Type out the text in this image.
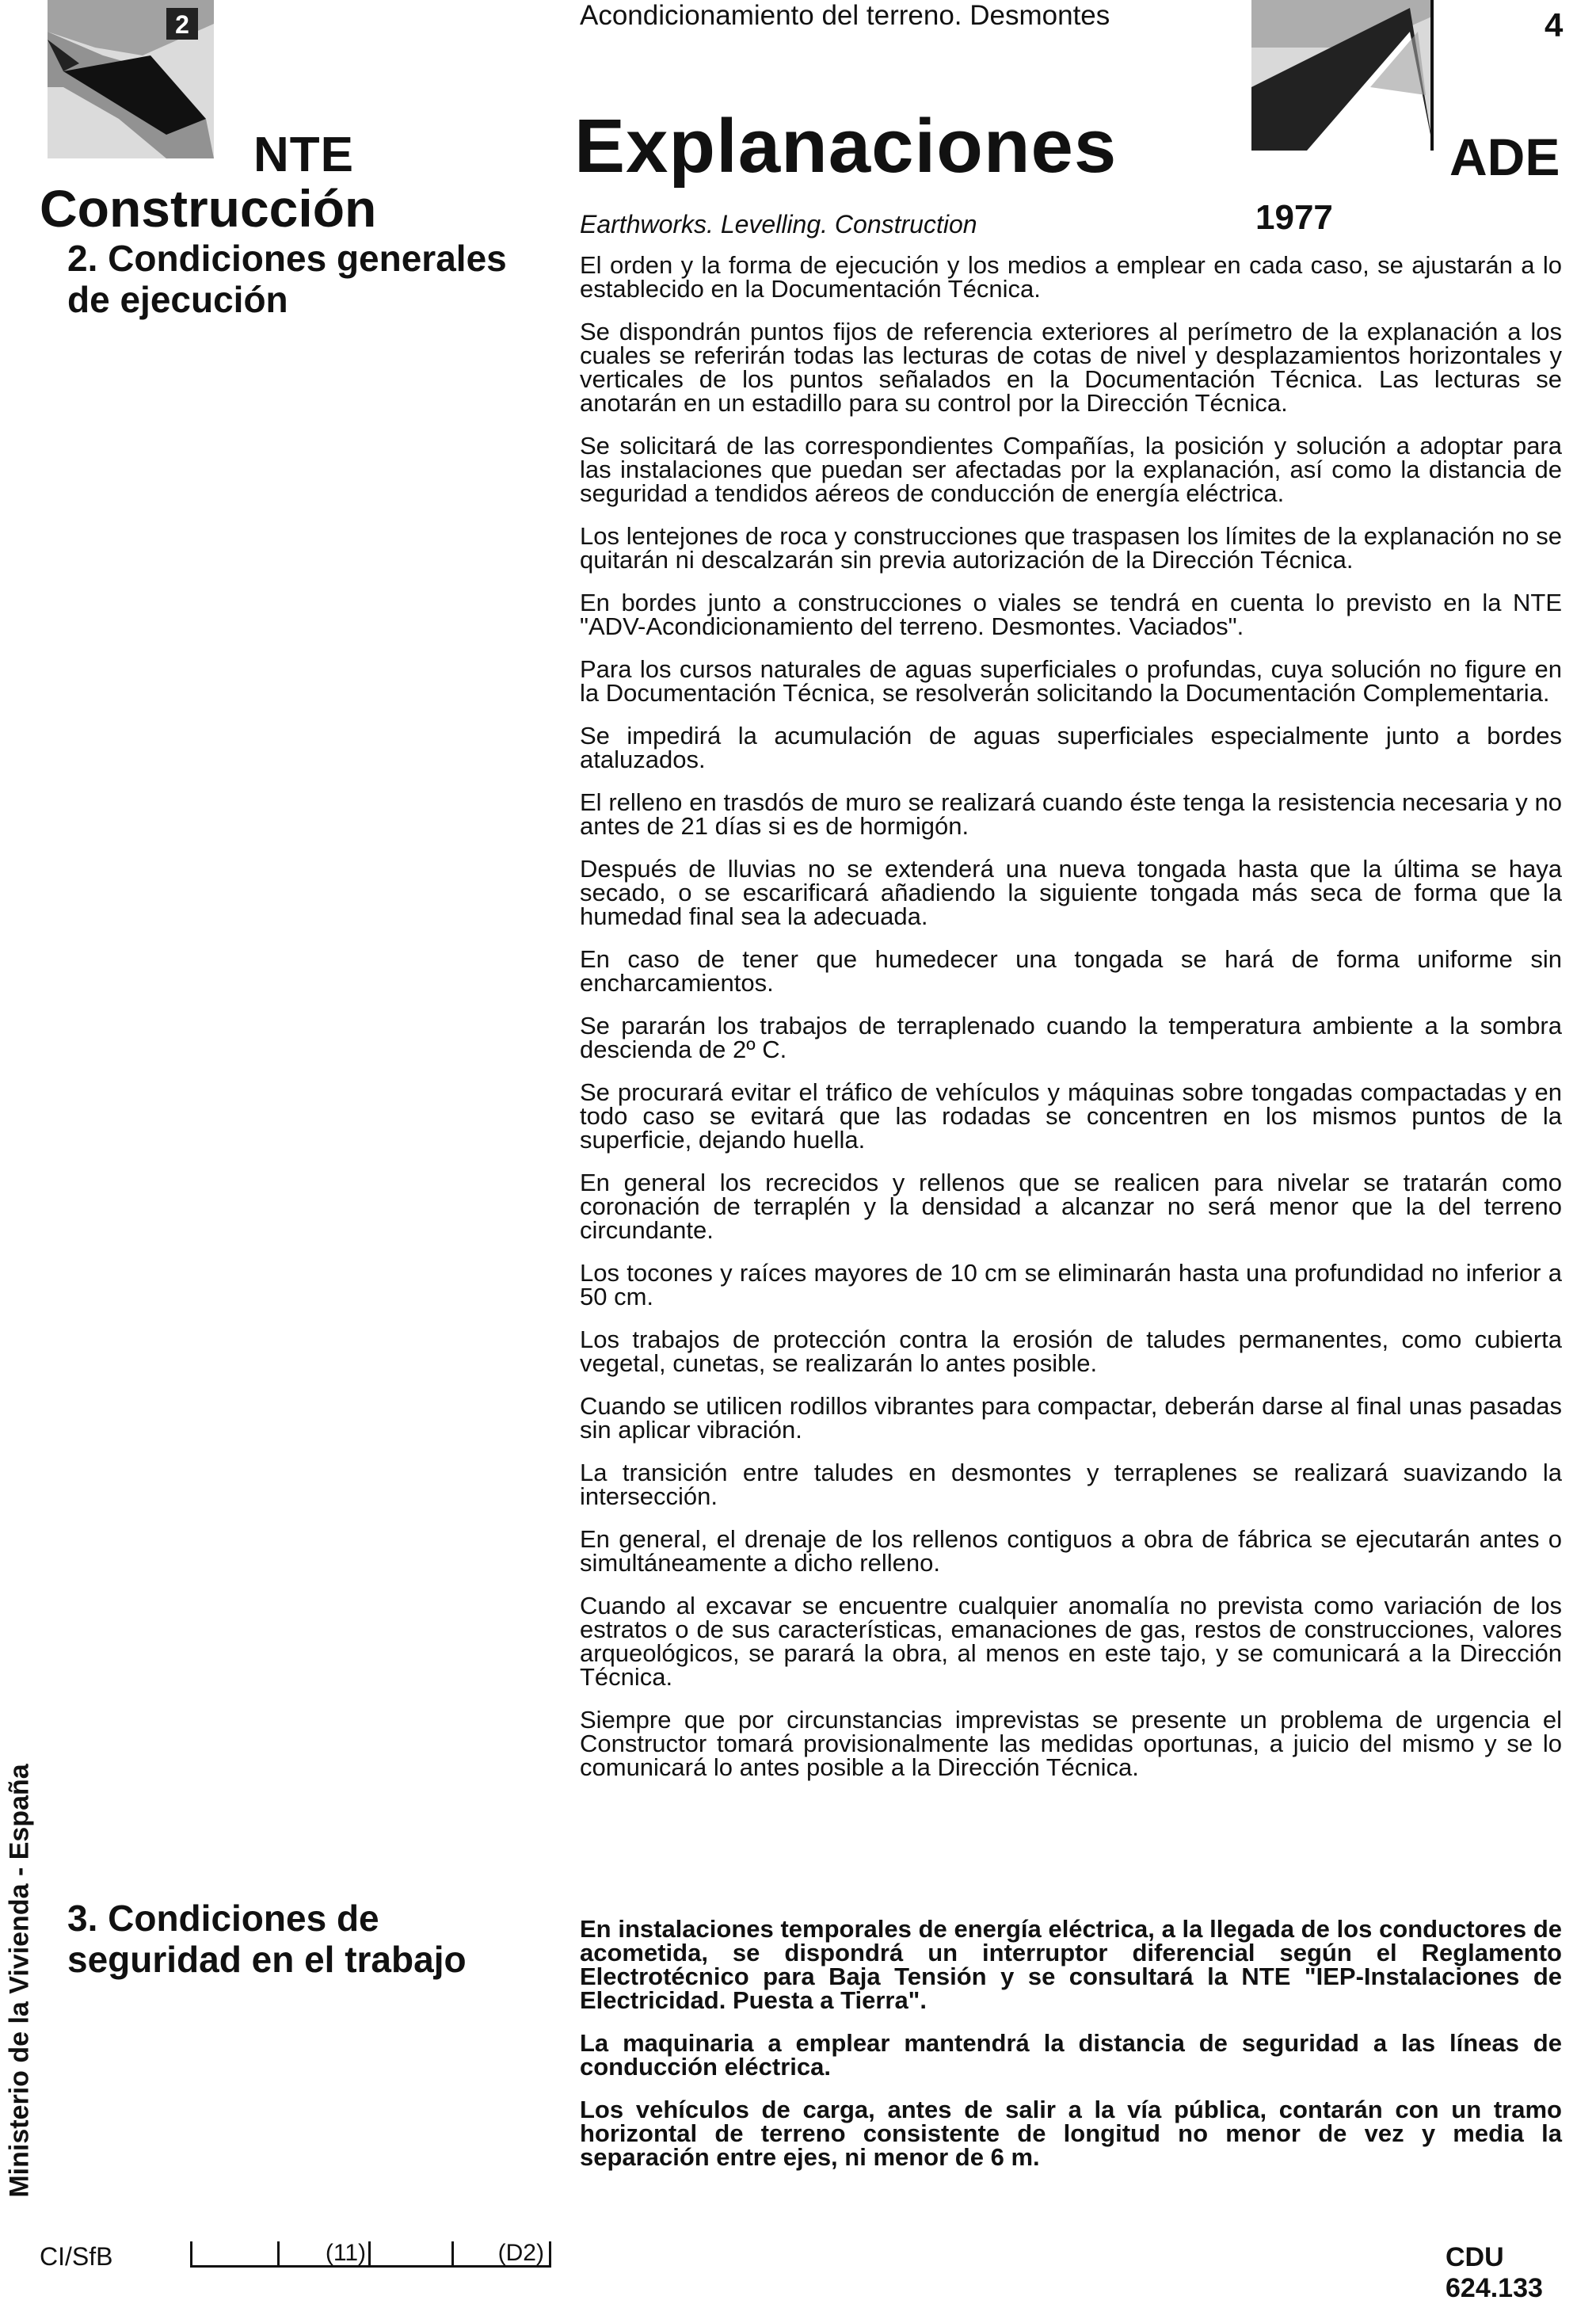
2
NTE
Construcción
2. Condiciones generales de ejecución
3. Condiciones de seguridad en el trabajo
Ministerio de la Vivienda - España
Acondicionamiento del terreno. Desmontes
Explanaciones
Earthworks. Levelling. Construction	1977
4
ADE

El orden y la forma de ejecución y los medios a emplear en cada caso, se ajustarán a lo establecido en la Documentación Técnica.

Se dispondrán puntos fijos de referencia exteriores al perímetro de la explanación a los cuales se referirán todas las lecturas de cotas de nivel y desplazamientos horizontales y verticales de los puntos señalados en la Documentación Técnica. Las lecturas se anotarán en un estadillo para su control por la Dirección Técnica.

Se solicitará de las correspondientes Compañías, la posición y solución a adoptar para las instalaciones que puedan ser afectadas por la explanación, así como la distancia de seguridad a tendidos aéreos de conducción de energía eléctrica.

Los lentejones de roca y construcciones que traspasen los límites de la explanación no se quitarán ni descalzarán sin previa autorización de la Dirección Técnica.

En bordes junto a construcciones o viales se tendrá en cuenta lo previsto en la NTE "ADV-Acondicionamiento del terreno. Desmontes. Vaciados".

Para los cursos naturales de aguas superficiales o profundas, cuya solución no figure en la Documentación Técnica, se resolverán solicitando la Documentación Complementaria.

Se impedirá la acumulación de aguas superficiales especialmente junto a bordes ataluzados.

El relleno en trasdós de muro se realizará cuando éste tenga la resistencia necesaria y no antes de 21 días si es de hormigón.

Después de lluvias no se extenderá una nueva tongada hasta que la última se haya secado, o se escarificará añadiendo la siguiente tongada más seca de forma que la humedad final sea la adecuada.

En caso de tener que humedecer una tongada se hará de forma uniforme sin encharcamientos.

Se pararán los trabajos de terraplenado cuando la temperatura ambiente a la sombra descienda de 2º C.

Se procurará evitar el tráfico de vehículos y máquinas sobre tongadas compactadas y en todo caso se evitará que las rodadas se concentren en los mismos puntos de la superficie, dejando huella.

En general los recrecidos y rellenos que se realicen para nivelar se tratarán como coronación de terraplén y la densidad a alcanzar no será menor que la del terreno circundante.

Los tocones y raíces mayores de 10 cm se eliminarán hasta una profundidad no inferior a 50 cm.

Los trabajos de protección contra la erosión de taludes permanentes, como cubierta vegetal, cunetas, se realizarán lo antes posible.

Cuando se utilicen rodillos vibrantes para compactar, deberán darse al final unas pasadas sin aplicar vibración.

La transición entre taludes en desmontes y terraplenes se realizará suavizando la intersección.

En general, el drenaje de los rellenos contiguos a obra de fábrica se ejecutarán antes o simultáneamente a dicho relleno.

Cuando al excavar se encuentre cualquier anomalía no prevista como variación de los estratos o de sus características, emanaciones de gas, restos de construcciones, valores arqueológicos, se parará la obra, al menos en este tajo, y se comunicará a la Dirección Técnica.

Siempre que por circunstancias imprevistas se presente un problema de urgencia el Constructor tomará provisionalmente las medidas oportunas, a juicio del mismo y se lo comunicará lo antes posible a la Dirección Técnica.

En instalaciones temporales de energía eléctrica, a la llegada de los conductores de acometida, se dispondrá un interruptor diferencial según el Reglamento Electrotécnico para Baja Tensión y se consultará la NTE "IEP-Instalaciones de Electricidad. Puesta a Tierra".

La maquinaria a emplear mantendrá la distancia de seguridad a las líneas de conducción eléctrica.

Los vehículos de carga, antes de salir a la vía pública, contarán con un tramo horizontal de terreno consistente de longitud no menor de vez y media la separación entre ejes, ni menor de 6 m.

CI/SfB	(11)	(D2)	CDU 624.133
